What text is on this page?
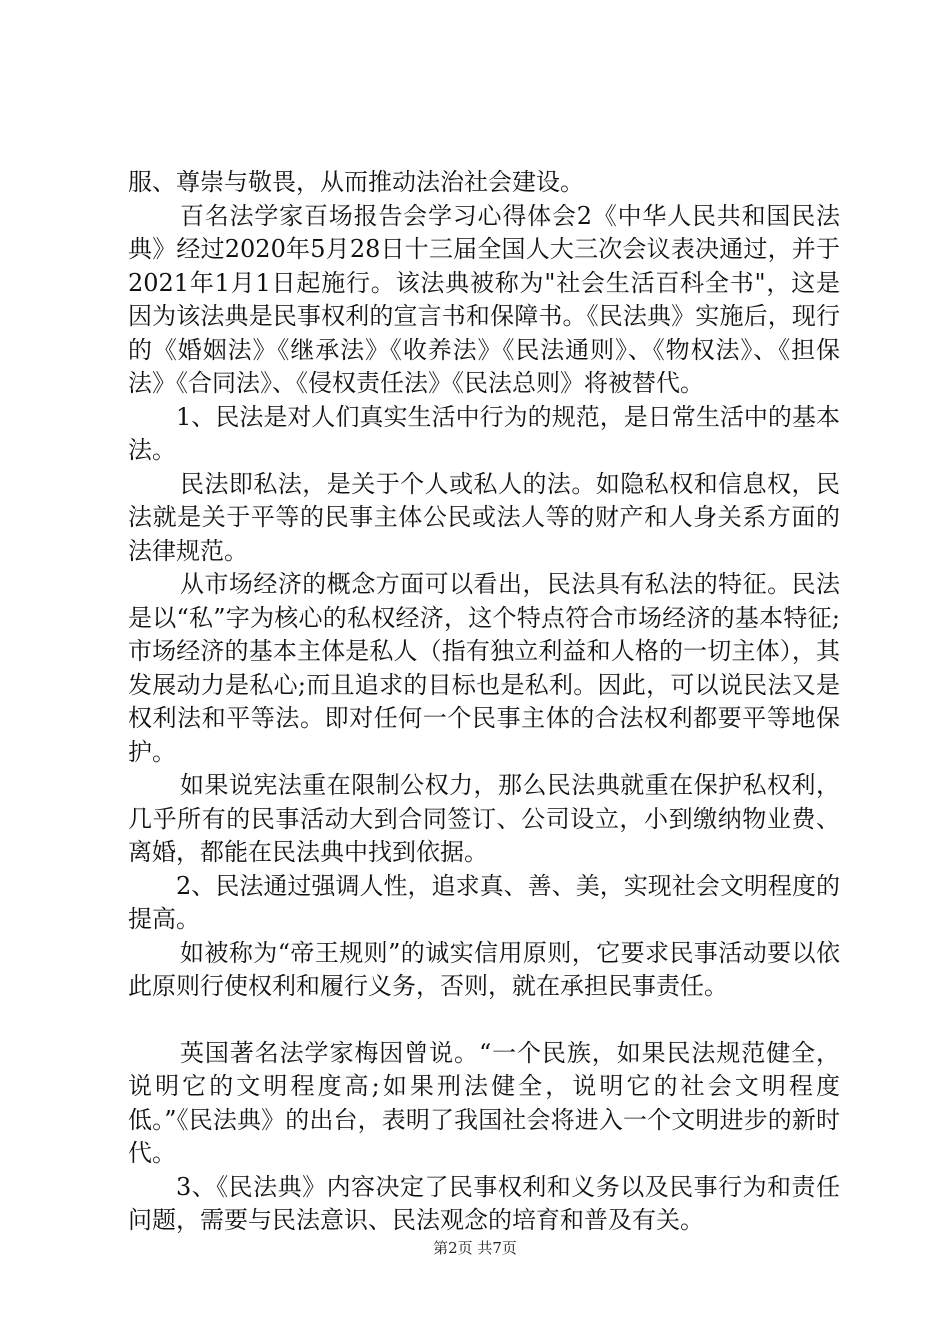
服、尊崇与敬畏，从而推动法治社会建设。

百名法学家百场报告会学习心得体会2《中华人民共和国民法典》经过2020年5月28日十三届全国人大三次会议表决通过，并于2021年1月1日起施行。该法典被称为"社会生活百科全书"，这是因为该法典是民事权利的宣言书和保障书。《民法典》实施后，现行的《婚姻法》《继承法》《收养法》《民法通则》、《物权法》、《担保法》《合同法》、《侵权责任法》《民法总则》将被替代。

1、民法是对人们真实生活中行为的规范，是日常生活中的基本法。

民法即私法，是关于个人或私人的法。如隐私权和信息权，民法就是关于平等的民事主体公民或法人等的财产和人身关系方面的法律规范。

从市场经济的概念方面可以看出，民法具有私法的特征。民法是以“私”字为核心的私权经济，这个特点符合市场经济的基本特征;市场经济的基本主体是私人（指有独立利益和人格的一切主体），其发展动力是私心;而且追求的目标也是私利。因此，可以说民法又是权利法和平等法。即对任何一个民事主体的合法权利都要平等地保护。

如果说宪法重在限制公权力，那么民法典就重在保护私权利，几乎所有的民事活动大到合同签订、公司设立，小到缴纳物业费、离婚，都能在民法典中找到依据。

2、民法通过强调人性，追求真、善、美，实现社会文明程度的提高。

如被称为“帝王规则”的诚实信用原则，它要求民事活动要以依此原则行使权利和履行义务，否则，就在承担民事责任。

英国著名法学家梅因曾说。“一个民族，如果民法规范健全，说明它的文明程度高;如果刑法健全，说明它的社会文明程度低。”《民法典》的出台，表明了我国社会将进入一个文明进步的新时代。

3、《民法典》内容决定了民事权利和义务以及民事行为和责任问题，需要与民法意识、民法观念的培育和普及有关。

第2页 共7页
